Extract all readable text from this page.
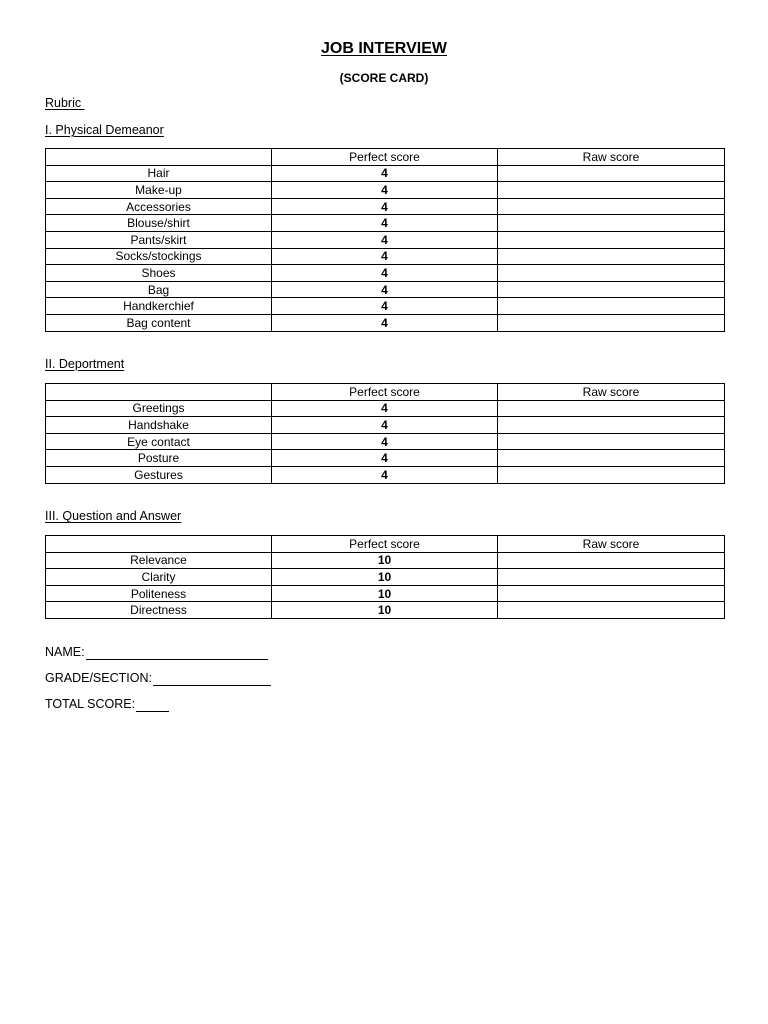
JOB INTERVIEW
(SCORE CARD)
Rubric
I. Physical Demeanor
	Perfect score	Raw score
Hair	4	
Make-up	4	
Accessories	4	
Blouse/shirt	4	
Pants/skirt	4	
Socks/stockings	4	
Shoes	4	
Bag	4	
Handkerchief	4	
Bag content	4	
II. Deportment
	Perfect score	Raw score
Greetings	4	
Handshake	4	
Eye contact	4	
Posture	4	
Gestures	4	
III. Question and Answer
	Perfect score	Raw score
Relevance	10	
Clarity	10	
Politeness	10	
Directness	10	
NAME:
GRADE/SECTION:
TOTAL SCORE:
